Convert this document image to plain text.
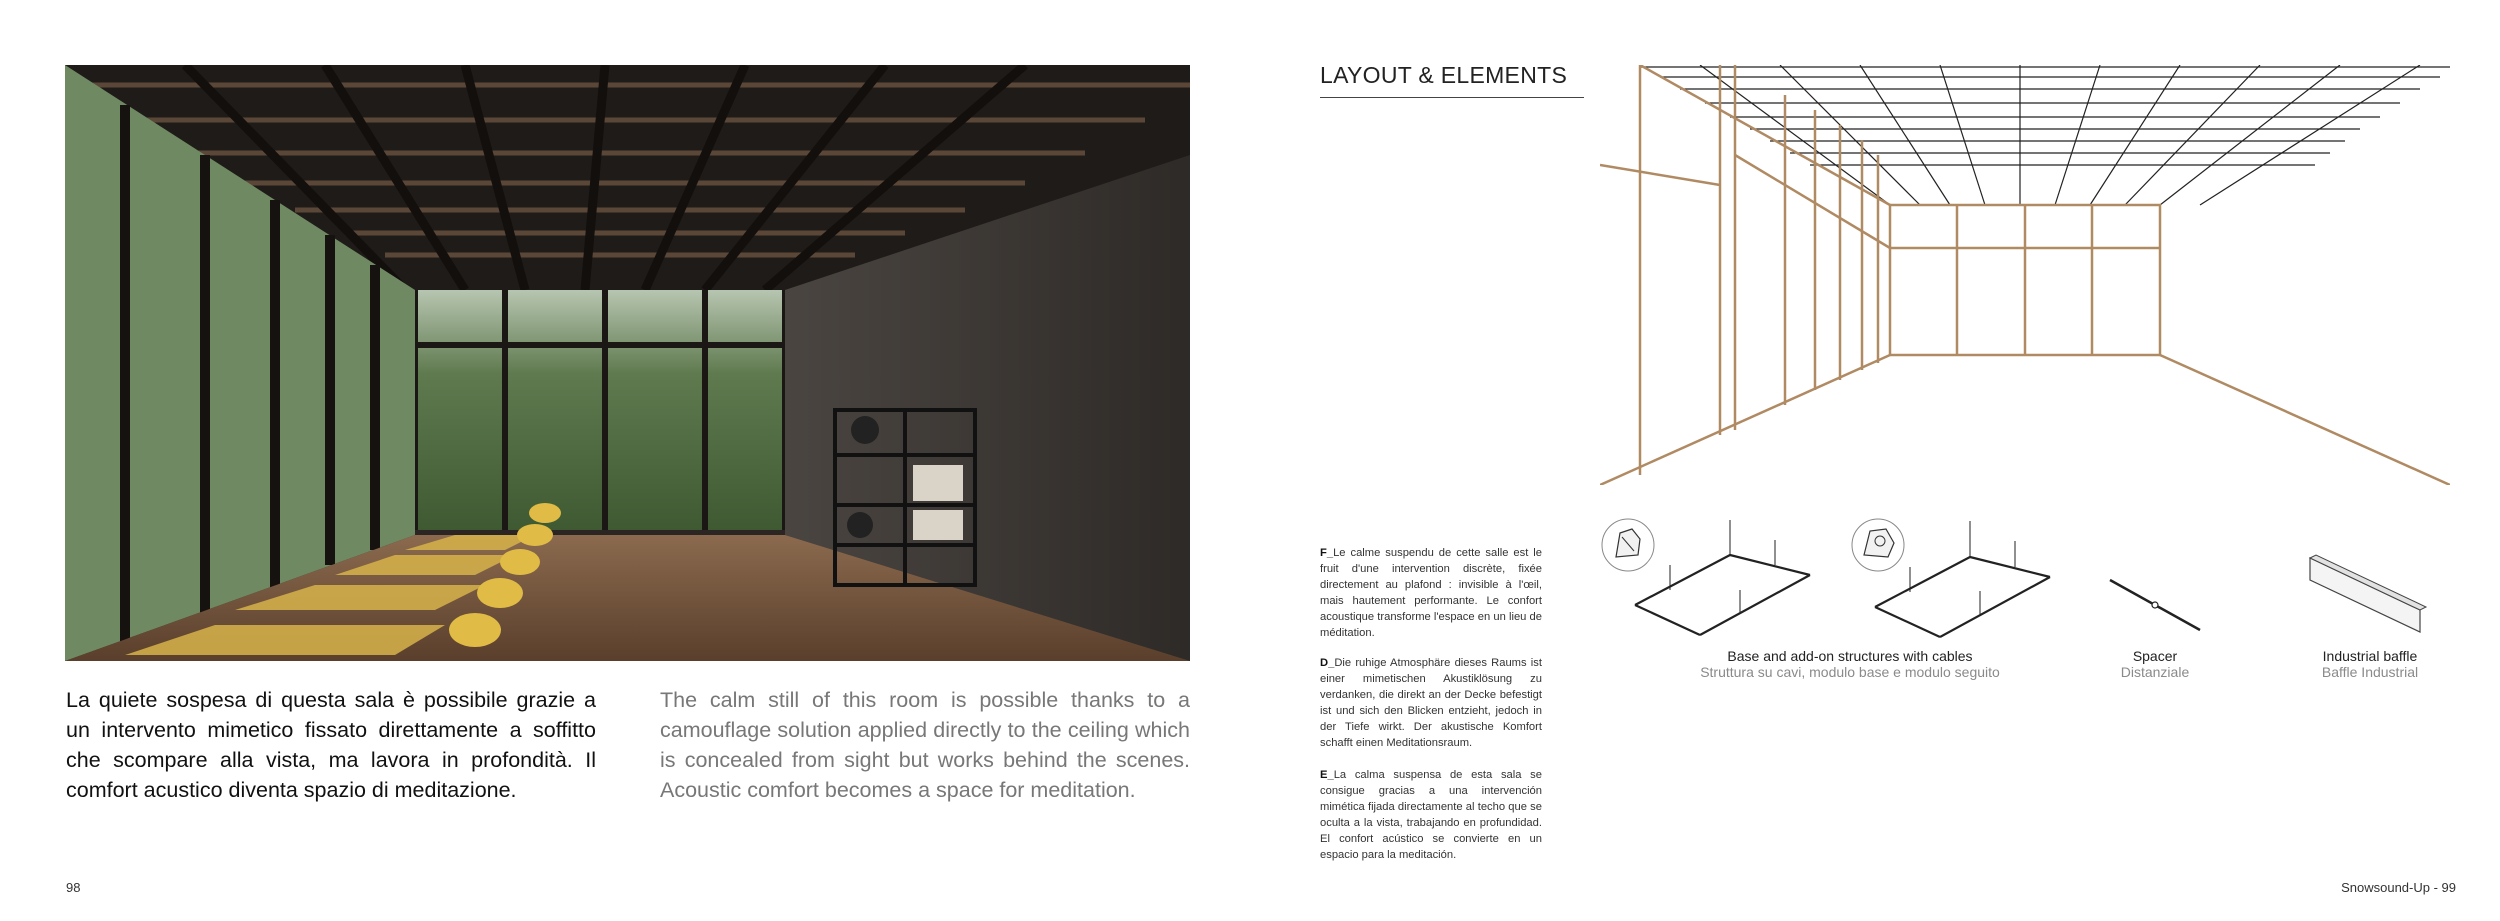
La quiete sospesa di questa sala è possibile grazie a un intervento mimetico fissato direttamente a soffitto che scompare alla vista, ma lavora in profondità. Il comfort acustico diventa spazio di meditazione.
The calm still of this room is possible thanks to a camouflage solution applied directly to the ceiling which is concealed from sight but works behind the scenes. Acoustic comfort becomes a space for meditation.
98
LAYOUT & ELEMENTS
F_Le calme suspendu de cette salle est le fruit d'une intervention discrète, fixée directement au plafond : invisible à l'œil, mais hautement performante. Le confort acoustique transforme l'espace en un lieu de méditation.
D_Die ruhige Atmosphäre dieses Raums ist einer mimetischen Akustiklösung zu verdanken, die direkt an der Decke befestigt ist und sich den Blicken entzieht, jedoch in der Tiefe wirkt. Der akustische Komfort schafft einen Meditationsraum.
E_La calma suspensa de esta sala se consigue gracias a una intervención mimética fijada directamente al techo que se oculta a la vista, trabajando en profundidad. El confort acústico se convierte en un espacio para la meditación.
Base and add-on structures with cables
Struttura su cavi, modulo base e modulo seguito
Spacer
Distanziale
Industrial baffle
Baffle Industrial
Snowsound-Up - 99
